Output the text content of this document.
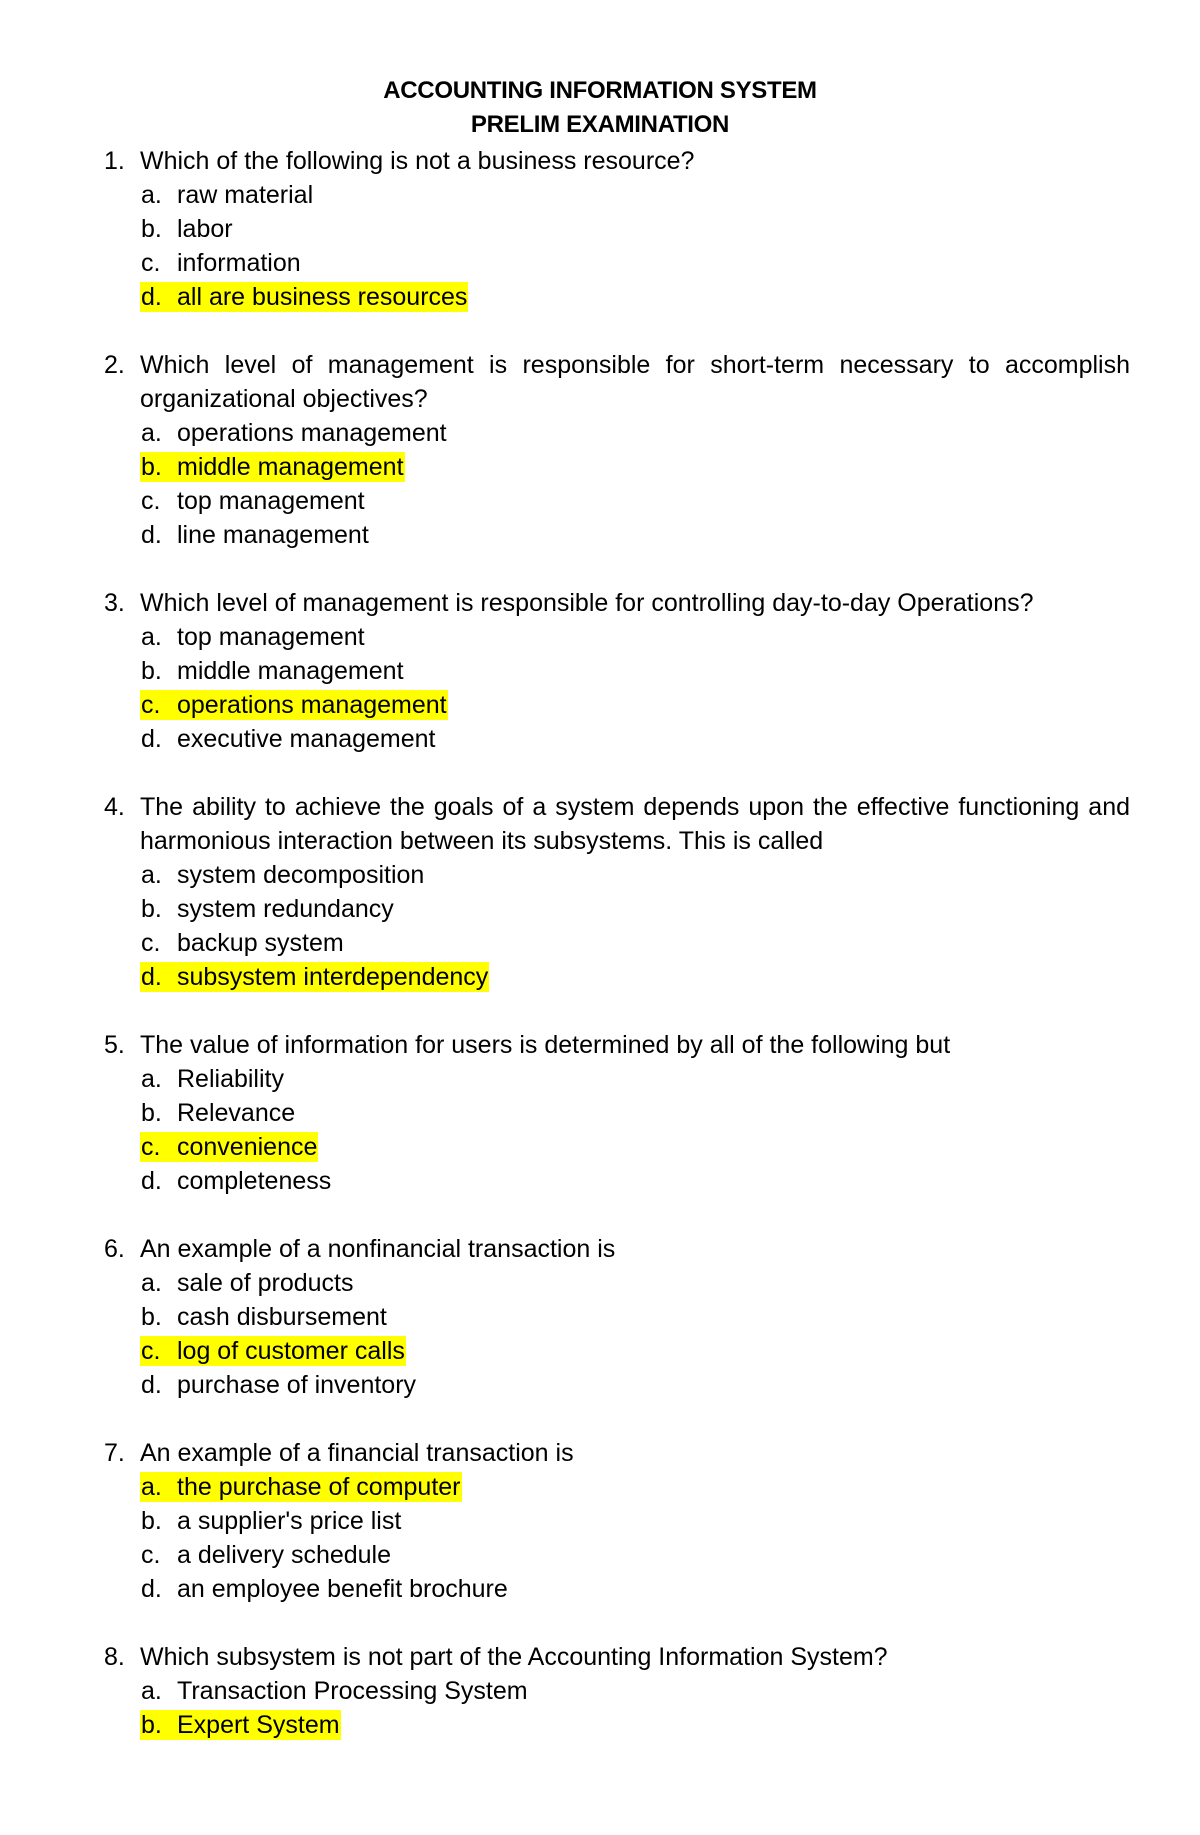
ACCOUNTING INFORMATION SYSTEM
PRELIM EXAMINATION
1. Which of the following is not a business resource?
a. raw material
b. labor
c. information
d. all are business resources
2. Which level of management is responsible for short-term necessary to accomplish organizational objectives?
a. operations management
b. middle management
c. top management
d. line management
3. Which level of management is responsible for controlling day-to-day Operations?
a. top management
b. middle management
c. operations management
d. executive management
4. The ability to achieve the goals of a system depends upon the effective functioning and harmonious interaction between its subsystems. This is called
a. system decomposition
b. system redundancy
c. backup system
d. subsystem interdependency
5. The value of information for users is determined by all of the following but
a. Reliability
b. Relevance
c. convenience
d. completeness
6. An example of a nonfinancial transaction is
a. sale of products
b. cash disbursement
c. log of customer calls
d. purchase of inventory
7. An example of a financial transaction is
a. the purchase of computer
b. a supplier's price list
c. a delivery schedule
d. an employee benefit brochure
8. Which subsystem is not part of the Accounting Information System?
a. Transaction Processing System
b. Expert System
